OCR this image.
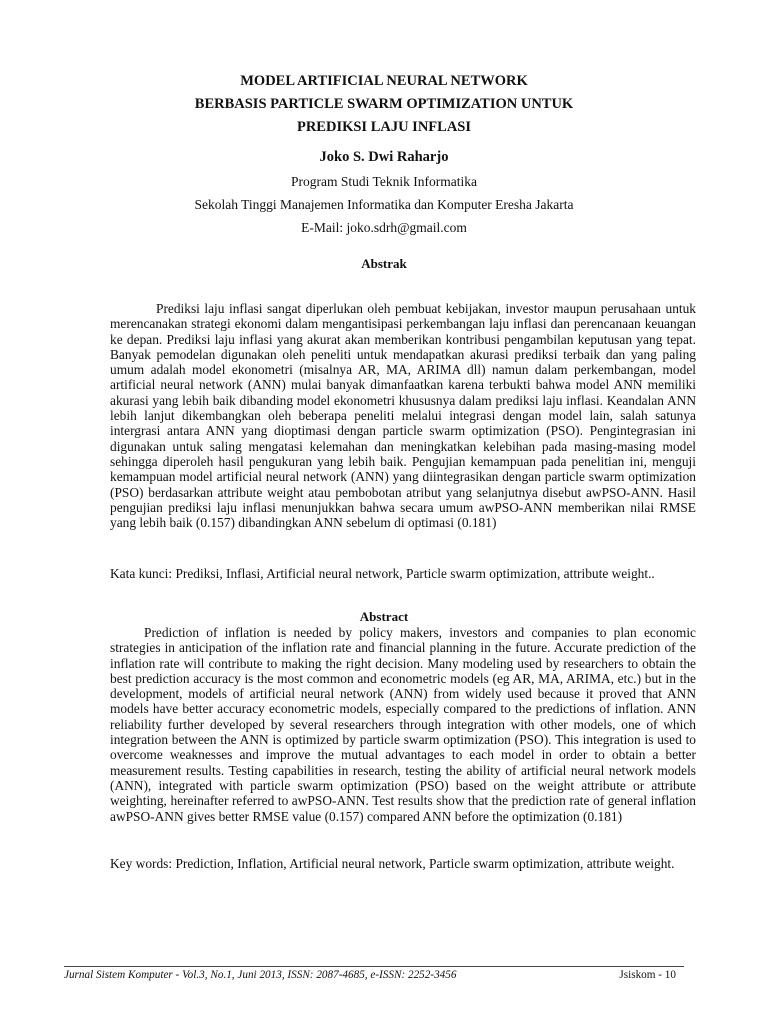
MODEL ARTIFICIAL NEURAL NETWORK
BERBASIS PARTICLE SWARM OPTIMIZATION UNTUK
PREDIKSI LAJU INFLASI
Joko S. Dwi Raharjo
Program Studi Teknik Informatika
Sekolah Tinggi Manajemen Informatika dan Komputer Eresha Jakarta
E-Mail: joko.sdrh@gmail.com
Abstrak

Prediksi laju inflasi sangat diperlukan oleh pembuat kebijakan, investor maupun perusahaan untuk merencanakan strategi ekonomi dalam mengantisipasi perkembangan laju inflasi dan perencanaan keuangan ke depan. Prediksi laju inflasi yang akurat akan memberikan kontribusi pengambilan keputusan yang tepat. Banyak pemodelan digunakan oleh peneliti untuk mendapatkan akurasi prediksi terbaik dan yang paling umum adalah model ekonometri (misalnya AR, MA, ARIMA dll) namun dalam perkembangan, model artificial neural network (ANN) mulai banyak dimanfaatkan karena terbukti bahwa model ANN memiliki akurasi yang lebih baik dibanding model ekonometri khususnya dalam prediksi laju inflasi. Keandalan ANN lebih lanjut dikembangkan oleh beberapa peneliti melalui integrasi dengan model lain, salah satunya intergrasi antara ANN yang dioptimasi dengan particle swarm optimization (PSO). Pengintegrasian ini digunakan untuk saling mengatasi kelemahan dan meningkatkan kelebihan pada masing-masing model sehingga diperoleh hasil pengukuran yang lebih baik. Pengujian kemampuan pada penelitian ini, menguji kemampuan model artificial neural network (ANN) yang diintegrasikan dengan particle swarm optimization (PSO) berdasarkan attribute weight atau pembobotan atribut yang selanjutnya disebut awPSO-ANN. Hasil pengujian prediksi laju inflasi menunjukkan bahwa secara umum awPSO-ANN memberikan nilai RMSE yang lebih baik (0.157) dibandingkan ANN sebelum di optimasi (0.181)

Kata kunci: Prediksi, Inflasi, Artificial neural network, Particle swarm optimization, attribute weight..

Abstract

Prediction of inflation is needed by policy makers, investors and companies to plan economic strategies in anticipation of the inflation rate and financial planning in the future. Accurate prediction of the inflation rate will contribute to making the right decision. Many modeling used by researchers to obtain the best prediction accuracy is the most common and econometric models (eg AR, MA, ARIMA, etc.) but in the development, models of artificial neural network (ANN) from widely used because it proved that ANN models have better accuracy econometric models, especially compared to the predictions of inflation. ANN reliability further developed by several researchers through integration with other models, one of which integration between the ANN is optimized by particle swarm optimization (PSO). This integration is used to overcome weaknesses and improve the mutual advantages to each model in order to obtain a better measurement results. Testing capabilities in research, testing the ability of artificial neural network models (ANN), integrated with particle swarm optimization (PSO) based on the weight attribute or attribute weighting, hereinafter referred to awPSO-ANN. Test results show that the prediction rate of general inflation awPSO-ANN gives better RMSE value (0.157) compared ANN before the optimization (0.181)

Key words: Prediction, Inflation, Artificial neural network, Particle swarm optimization, attribute weight.

Jurnal Sistem Komputer - Vol.3, No.1, Juni 2013, ISSN: 2087-4685, e-ISSN: 2252-3456	Jsiskom - 10
